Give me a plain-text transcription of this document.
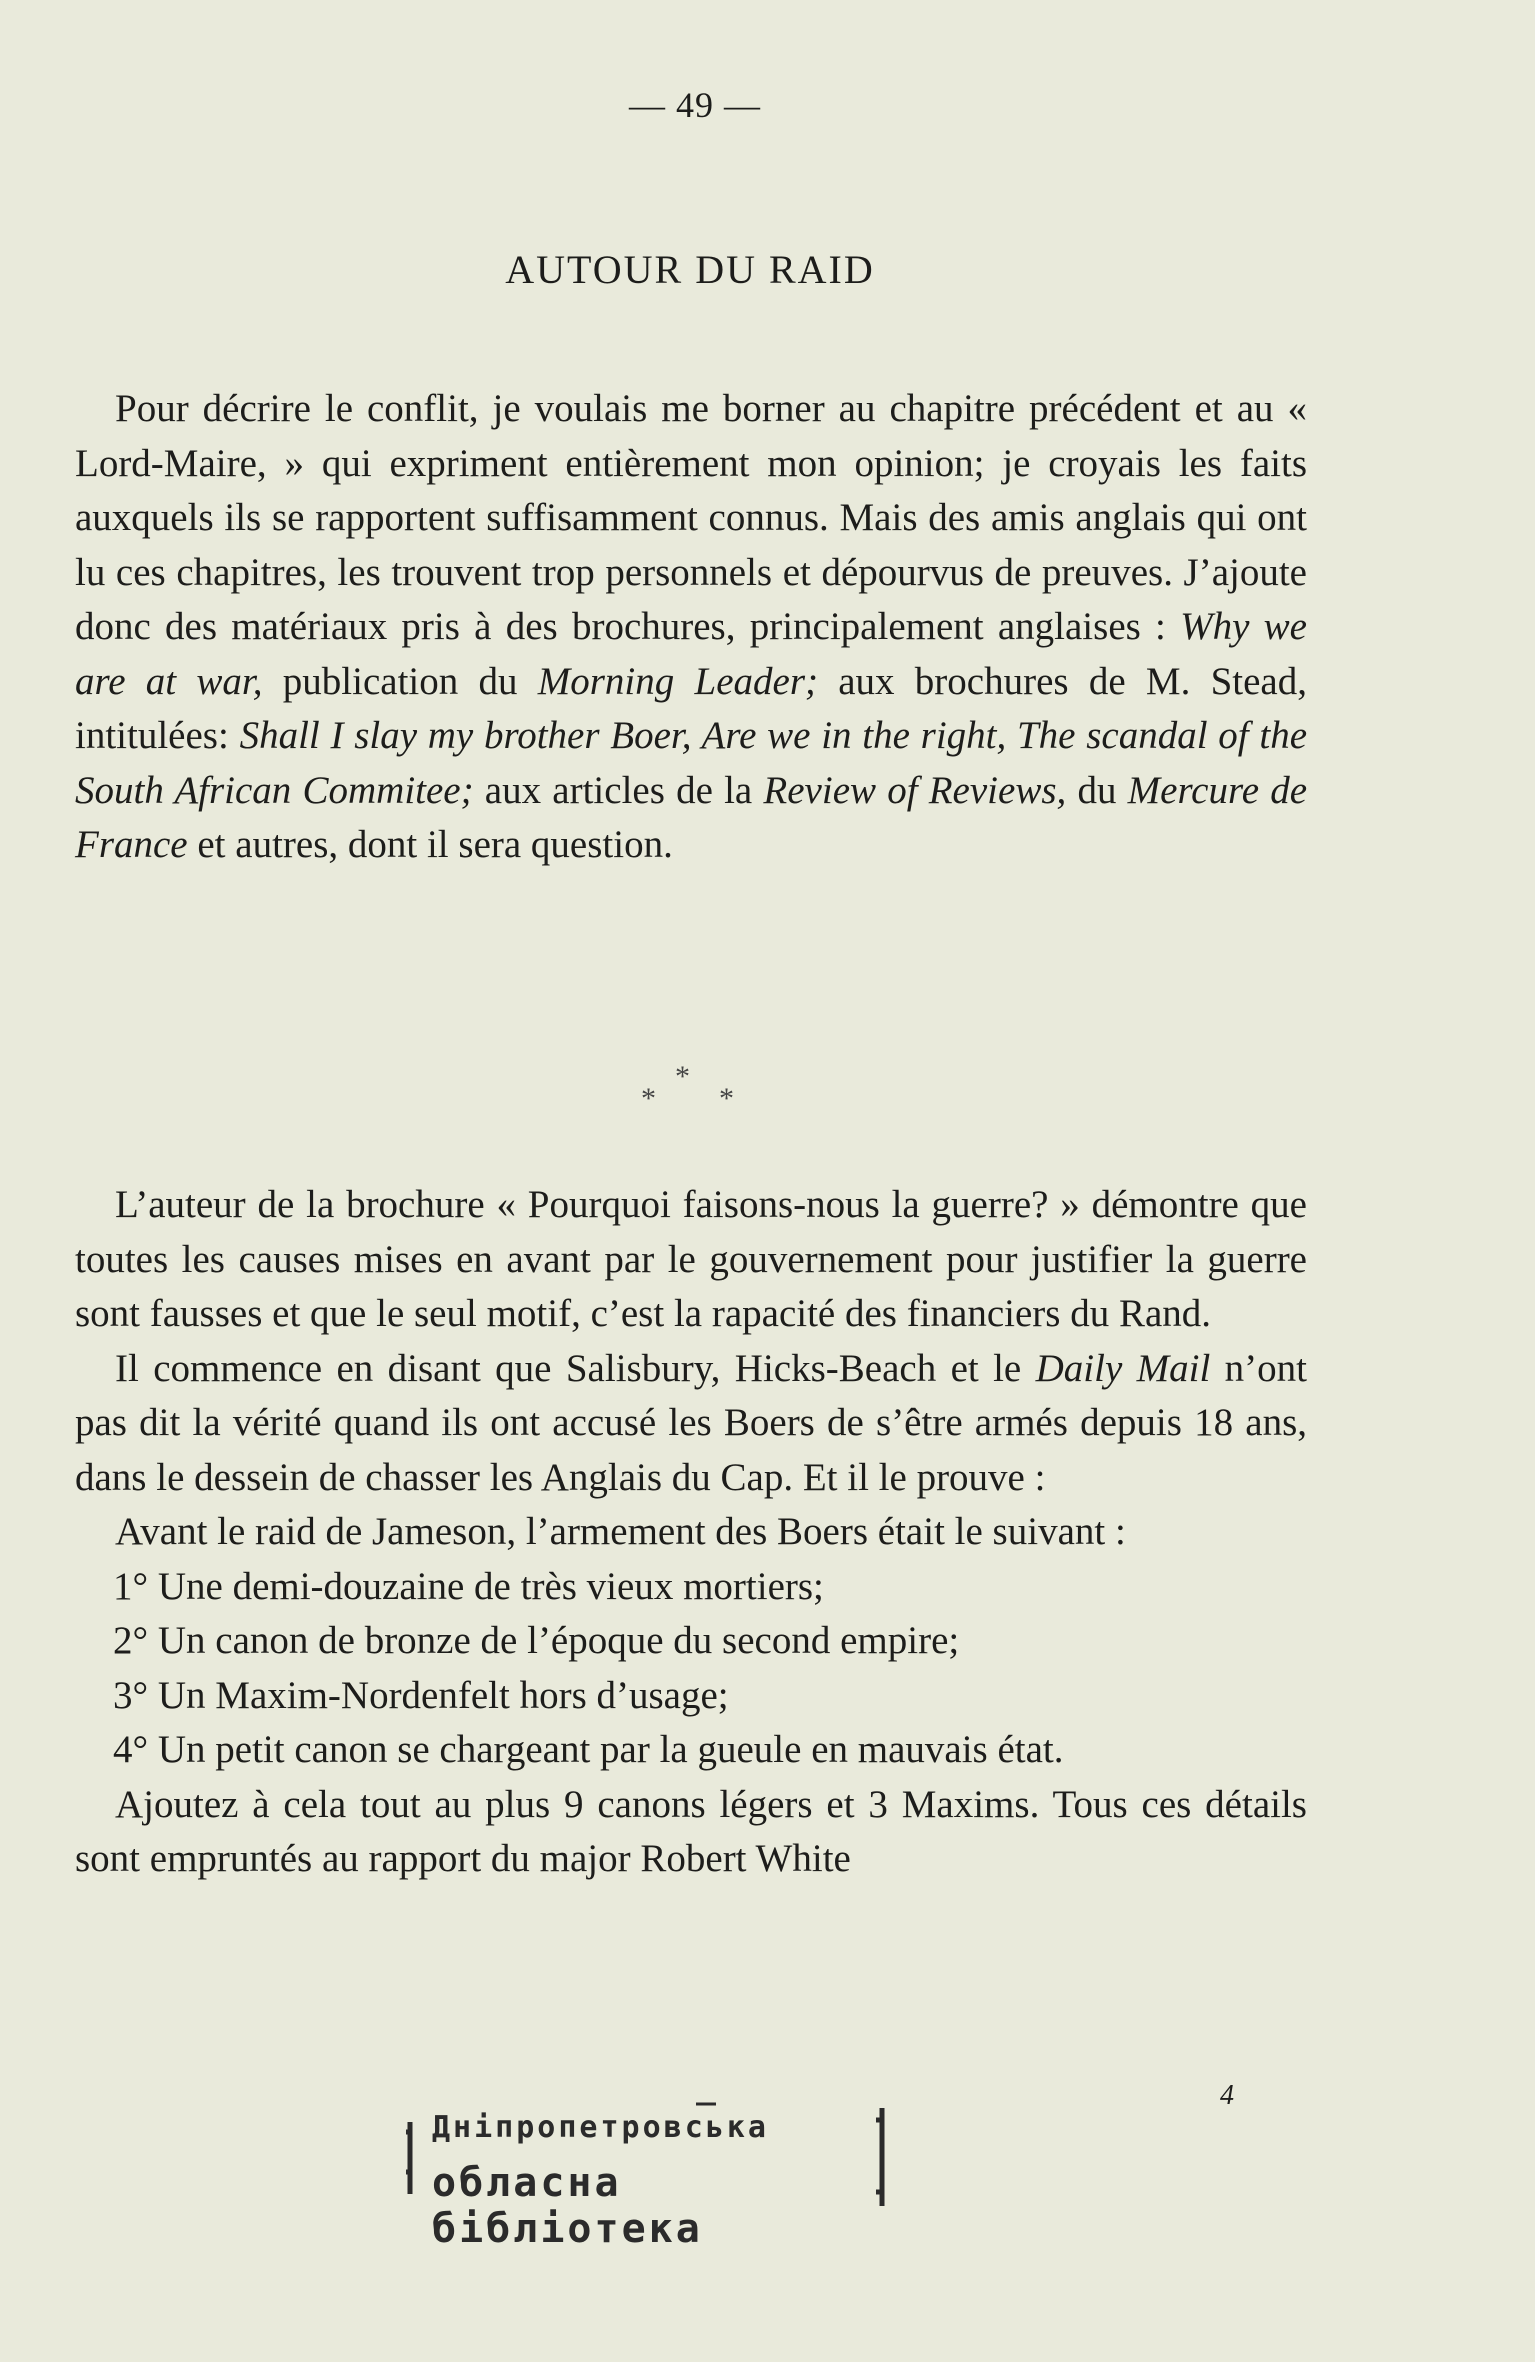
— 49 —
AUTOUR DU RAID

Pour décrire le conflit, je voulais me borner au chapitre précédent et au « Lord-Maire, » qui expriment entièrement mon opinion; je croyais les faits auxquels ils se rapportent suffisamment connus. Mais des amis anglais qui ont lu ces chapitres, les trouvent trop personnels et dépourvus de preuves. J’ajoute donc des matériaux pris à des brochures, principalement anglaises : Why we are at war, publication du Morning Leader; aux brochures de M. Stead, intitulées: Shall I slay my brother Boer, Are we in the right, The scandal of the South African Commitee; aux articles de la Review of Reviews, du Mercure de France et autres, dont il sera question.

*
* *

L’auteur de la brochure « Pourquoi faisons-nous la guerre? » démontre que toutes les causes mises en avant par le gouvernement pour justifier la guerre sont fausses et que le seul motif, c’est la rapacité des financiers du Rand.

Il commence en disant que Salisbury, Hicks-Beach et le Daily Mail n’ont pas dit la vérité quand ils ont accusé les Boers de s’être armés depuis 18 ans, dans le dessein de chasser les Anglais du Cap. Et il le prouve :

Avant le raid de Jameson, l’armement des Boers était le suivant :

1° Une demi-douzaine de très vieux mortiers;

2° Un canon de bronze de l’époque du second empire;

3° Un Maxim-Nordenfelt hors d’usage;

4° Un petit canon se chargeant par la gueule en mauvais état.

Ajoutez à cela tout au plus 9 canons légers et 3 Maxims. Tous ces détails sont empruntés au rapport du major Robert White

4
Днiпропетровська
обласна бiблiотека
